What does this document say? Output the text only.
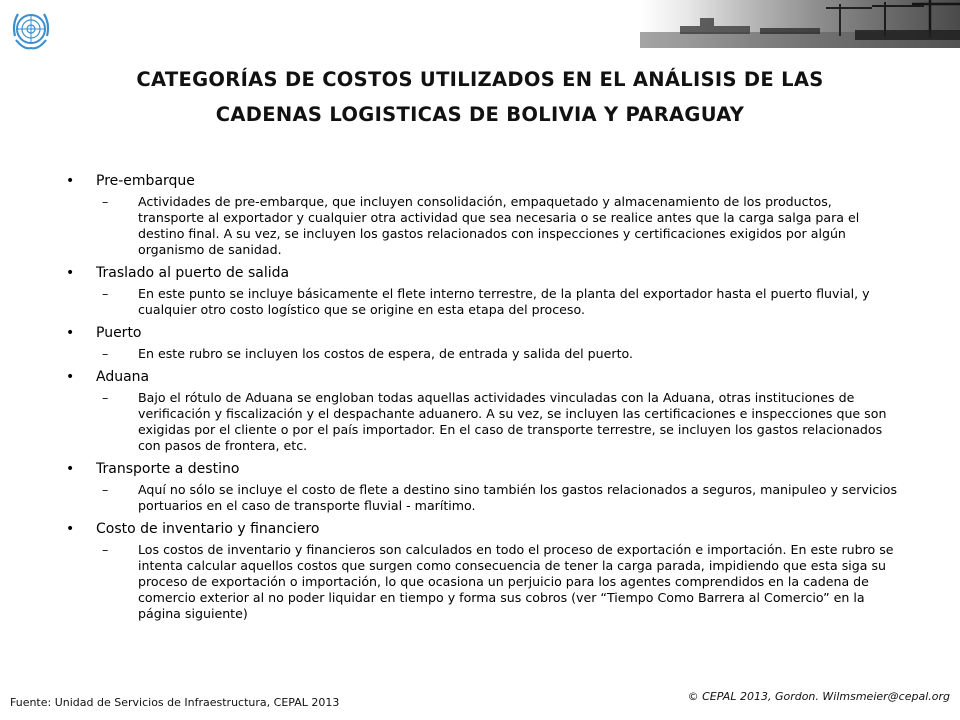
CATEGORÍAS DE COSTOS UTILIZADOS EN EL ANÁLISIS DE LAS
CADENAS LOGISTICAS DE BOLIVIA Y PARAGUAY
• Pre-embarque
– Actividades de pre-embarque, que incluyen consolidación, empaquetado y almacenamiento de los productos, transporte al exportador y cualquier otra actividad que sea necesaria o se realice antes que la carga salga para el destino final. A su vez, se incluyen los gastos relacionados con inspecciones y certificaciones exigidos por algún organismo de sanidad.
• Traslado al puerto de salida
– En este punto se incluye básicamente el flete interno terrestre, de la planta del exportador hasta el puerto fluvial, y cualquier otro costo logístico que se origine en esta etapa del proceso.
• Puerto
– En este rubro se incluyen los costos de espera, de entrada y salida del puerto.
• Aduana
– Bajo el rótulo de Aduana se engloban todas aquellas actividades vinculadas con la Aduana, otras instituciones de verificación y fiscalización y el despachante aduanero. A su vez, se incluyen las certificaciones e inspecciones que son exigidas por el cliente o por el país importador. En el caso de transporte terrestre, se incluyen los gastos relacionados con pasos de frontera, etc.
• Transporte a destino
– Aquí no sólo se incluye el costo de flete a destino sino también los gastos relacionados a seguros, manipuleo y servicios portuarios en el caso de transporte fluvial - marítimo.
• Costo de inventario y financiero
– Los costos de inventario y financieros son calculados en todo el proceso de exportación e importación. En este rubro se intenta calcular aquellos costos que surgen como consecuencia de tener la carga parada, impidiendo que esta siga su proceso de exportación o importación, lo que ocasiona un perjuicio para los agentes comprendidos en la cadena de comercio exterior al no poder liquidar en tiempo y forma sus cobros (ver “Tiempo Como Barrera al Comercio” en la página siguiente)
Fuente: Unidad de Servicios de Infraestructura, CEPAL 2013	© CEPAL 2013, Gordon. Wilmsmeier@cepal.org
